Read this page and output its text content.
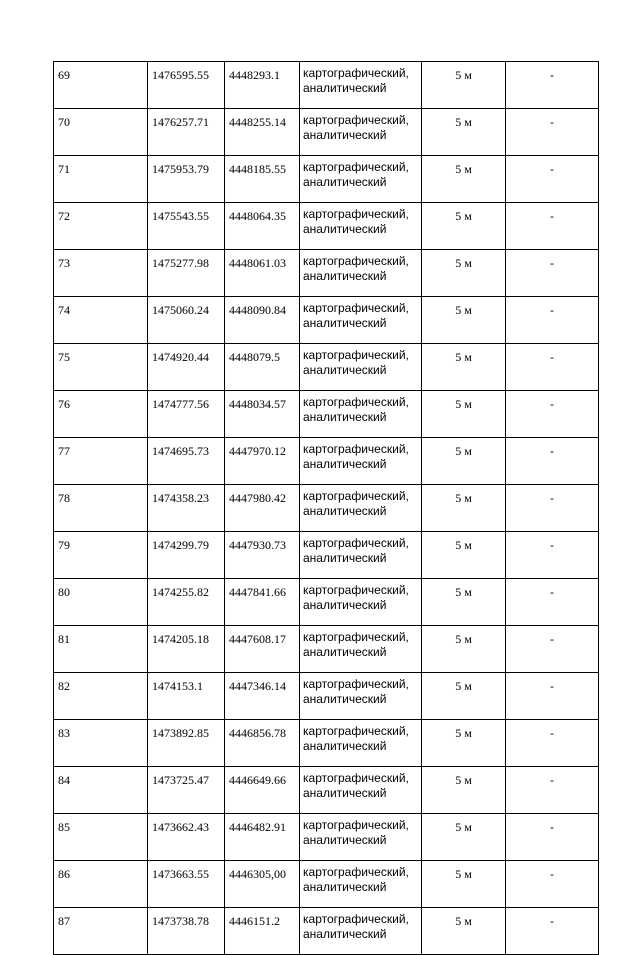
69	1476595.55	4448293.1	картографический,
аналитический	5 м	-
70	1476257.71	4448255.14	картографический,
аналитический	5 м	-
71	1475953.79	4448185.55	картографический,
аналитический	5 м	-
72	1475543.55	4448064.35	картографический,
аналитический	5 м	-
73	1475277.98	4448061.03	картографический,
аналитический	5 м	-
74	1475060.24	4448090.84	картографический,
аналитический	5 м	-
75	1474920.44	4448079.5	картографический,
аналитический	5 м	-
76	1474777.56	4448034.57	картографический,
аналитический	5 м	-
77	1474695.73	4447970.12	картографический,
аналитический	5 м	-
78	1474358.23	4447980.42	картографический,
аналитический	5 м	-
79	1474299.79	4447930.73	картографический,
аналитический	5 м	-
80	1474255.82	4447841.66	картографический,
аналитический	5 м	-
81	1474205.18	4447608.17	картографический,
аналитический	5 м	-
82	1474153.1	4447346.14	картографический,
аналитический	5 м	-
83	1473892.85	4446856.78	картографический,
аналитический	5 м	-
84	1473725.47	4446649.66	картографический,
аналитический	5 м	-
85	1473662.43	4446482.91	картографический,
аналитический	5 м	-
86	1473663.55	4446305,00	картографический,
аналитический	5 м	-
87	1473738.78	4446151.2	картографический,
аналитический	5 м	-
